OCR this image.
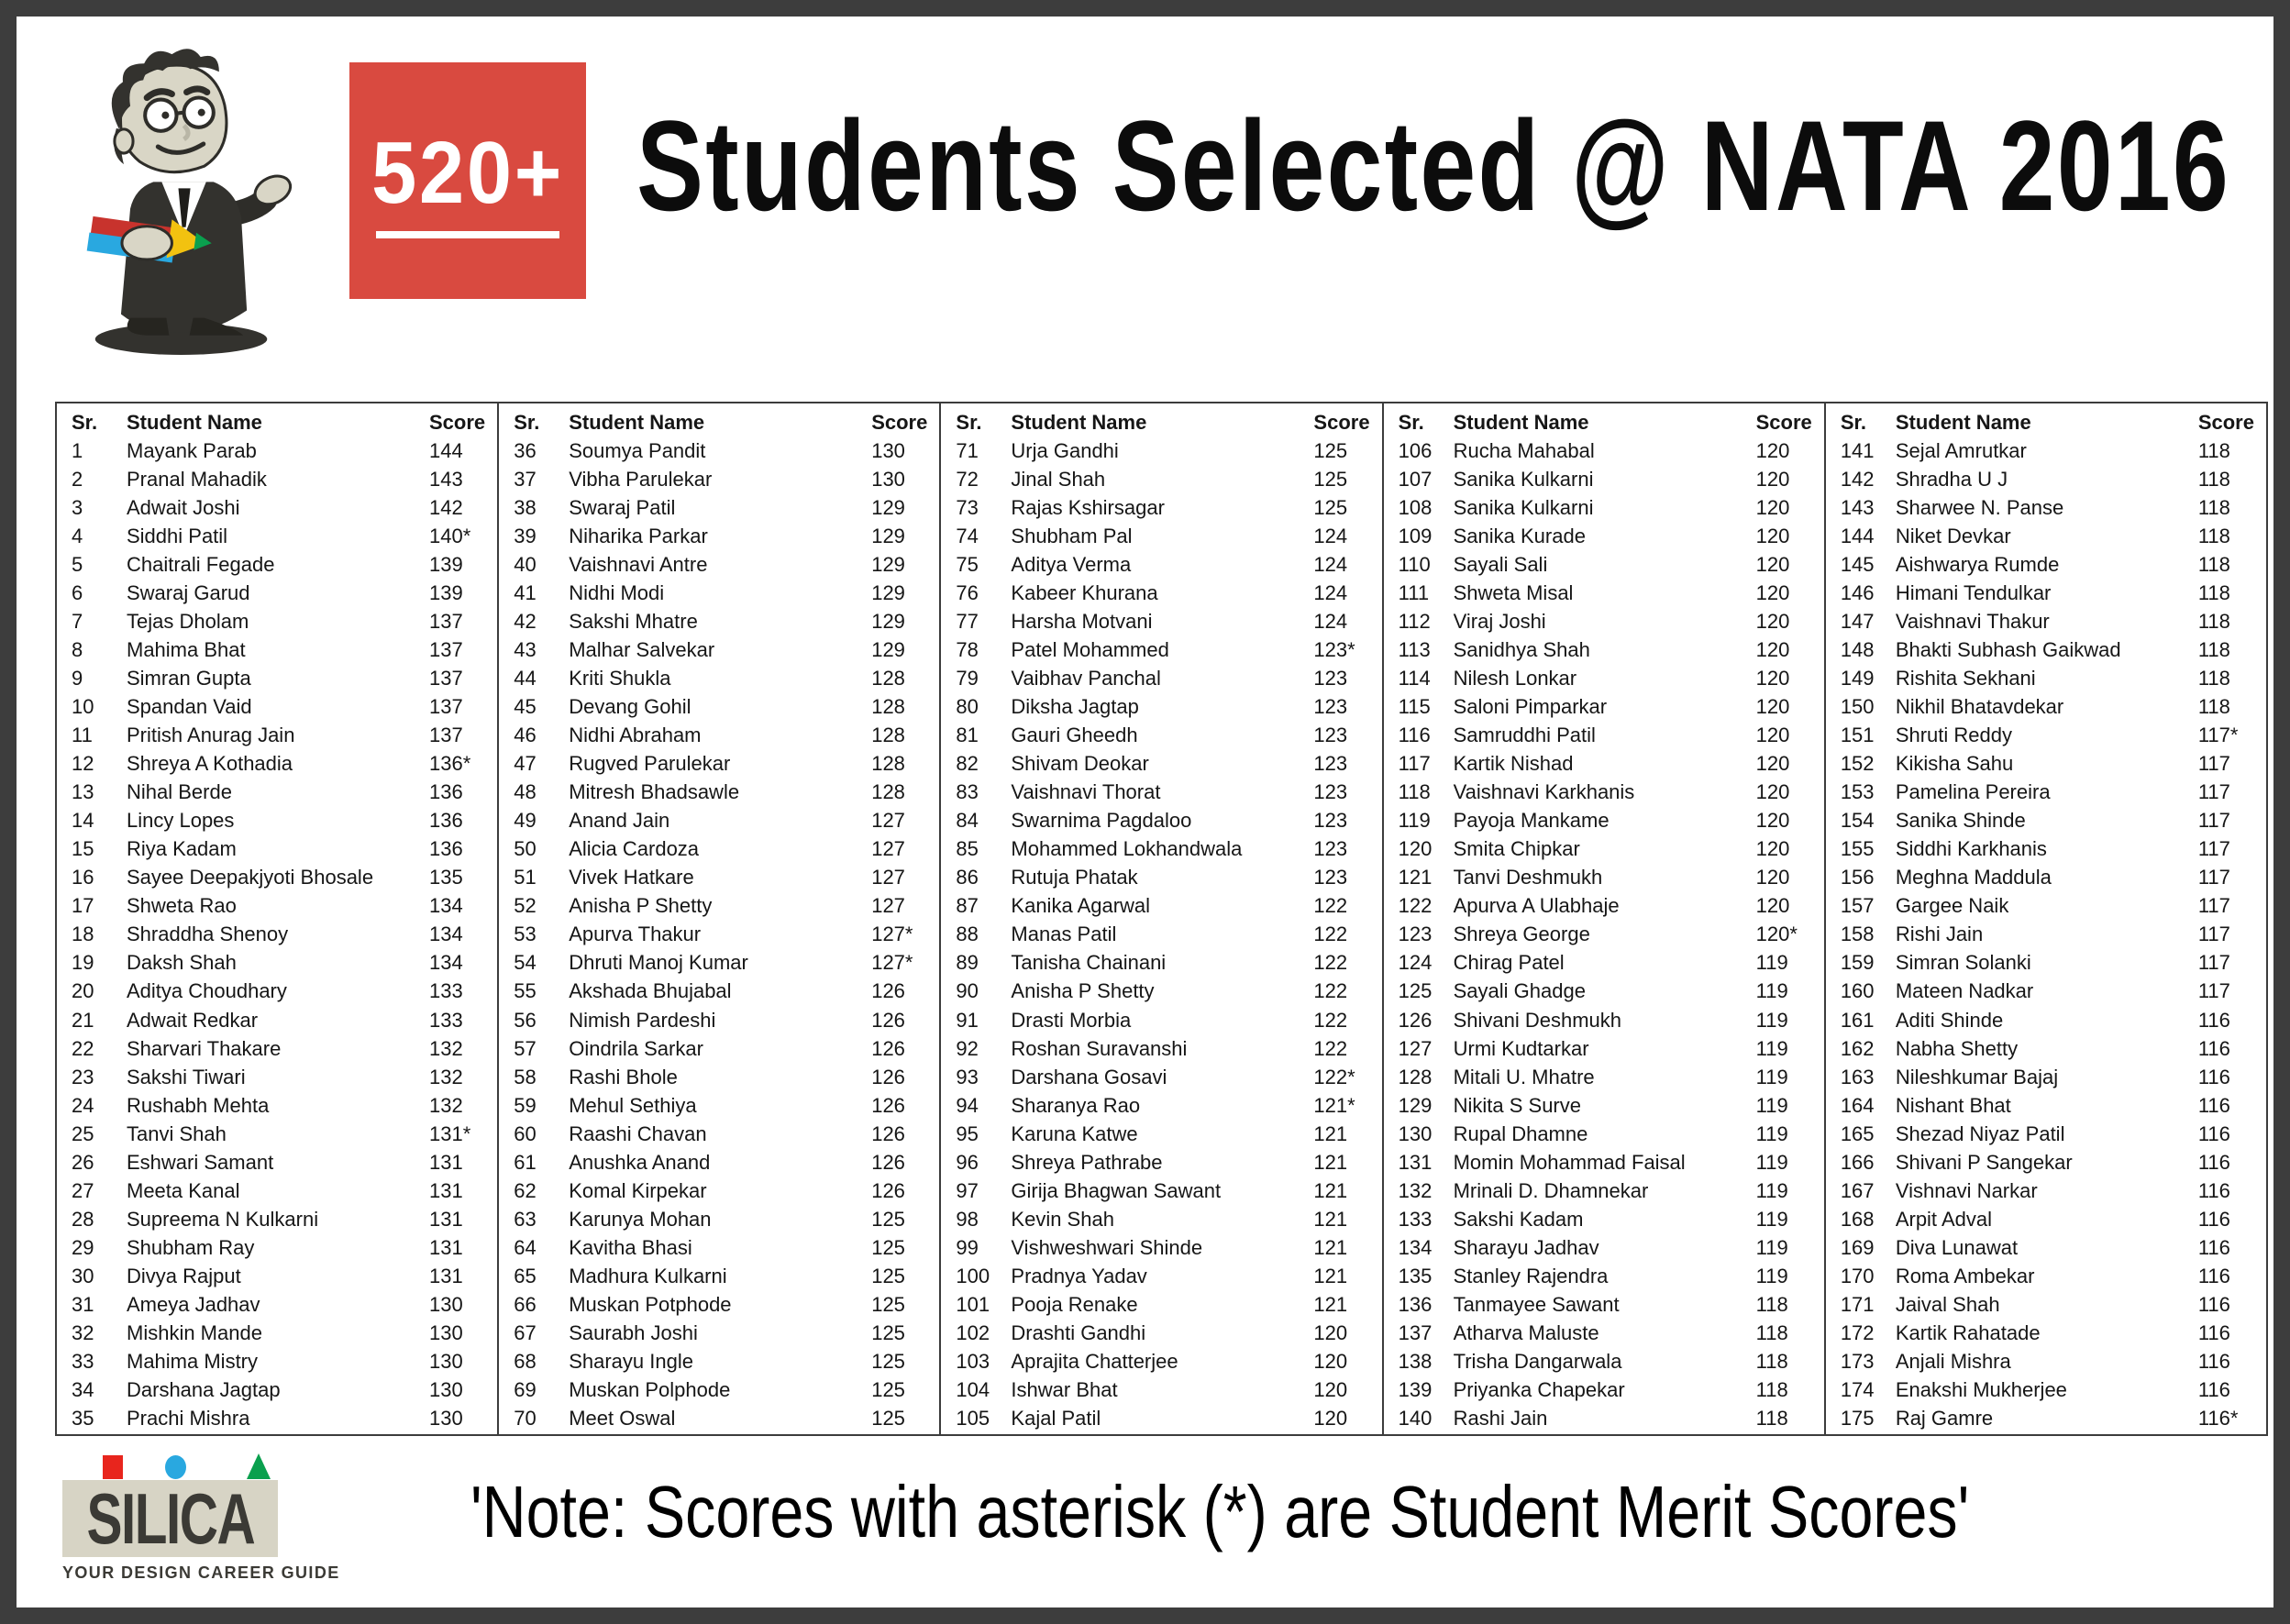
520+ Students Selected @ NATA 2016
Sr.	Student Name	Score
1	Mayank Parab	144
2	Pranal Mahadik	143
3	Adwait Joshi	142
4	Siddhi Patil	140*
5	Chaitrali Fegade	139
6	Swaraj Garud	139
7	Tejas Dholam	137
8	Mahima Bhat	137
9	Simran Gupta	137
10	Spandan Vaid	137
11	Pritish Anurag Jain	137
12	Shreya A Kothadia	136*
13	Nihal Berde	136
14	Lincy Lopes	136
15	Riya Kadam	136
16	Sayee Deepakjyoti Bhosale	135
17	Shweta Rao	134
18	Shraddha Shenoy	134
19	Daksh Shah	134
20	Aditya Choudhary	133
21	Adwait Redkar	133
22	Sharvari Thakare	132
23	Sakshi Tiwari	132
24	Rushabh Mehta	132
25	Tanvi Shah	131*
26	Eshwari Samant	131
27	Meeta Kanal	131
28	Supreema N Kulkarni	131
29	Shubham Ray	131
30	Divya Rajput	131
31	Ameya Jadhav	130
32	Mishkin Mande	130
33	Mahima Mistry	130
34	Darshana Jagtap	130
35	Prachi Mishra	130
Sr.	Student Name	Score
36	Soumya Pandit	130
37	Vibha Parulekar	130
38	Swaraj Patil	129
39	Niharika Parkar	129
40	Vaishnavi Antre	129
41	Nidhi Modi	129
42	Sakshi Mhatre	129
43	Malhar Salvekar	129
44	Kriti Shukla	128
45	Devang Gohil	128
46	Nidhi Abraham	128
47	Rugved Parulekar	128
48	Mitresh Bhadsawle	128
49	Anand Jain	127
50	Alicia Cardoza	127
51	Vivek Hatkare	127
52	Anisha P Shetty	127
53	Apurva Thakur	127*
54	Dhruti Manoj Kumar	127*
55	Akshada Bhujabal	126
56	Nimish Pardeshi	126
57	Oindrila Sarkar	126
58	Rashi Bhole	126
59	Mehul Sethiya	126
60	Raashi Chavan	126
61	Anushka Anand	126
62	Komal Kirpekar	126
63	Karunya Mohan	125
64	Kavitha Bhasi	125
65	Madhura Kulkarni	125
66	Muskan Potphode	125
67	Saurabh Joshi	125
68	Sharayu Ingle	125
69	Muskan Polphode	125
70	Meet Oswal	125
Sr.	Student Name	Score
71	Urja Gandhi	125
72	Jinal Shah	125
73	Rajas Kshirsagar	125
74	Shubham Pal	124
75	Aditya Verma	124
76	Kabeer Khurana	124
77	Harsha Motvani	124
78	Patel Mohammed	123*
79	Vaibhav Panchal	123
80	Diksha Jagtap	123
81	Gauri Gheedh	123
82	Shivam Deokar	123
83	Vaishnavi Thorat	123
84	Swarnima Pagdaloo	123
85	Mohammed Lokhandwala	123
86	Rutuja Phatak	123
87	Kanika Agarwal	122
88	Manas Patil	122
89	Tanisha Chainani	122
90	Anisha P Shetty	122
91	Drasti Morbia	122
92	Roshan Suravanshi	122
93	Darshana Gosavi	122*
94	Sharanya Rao	121*
95	Karuna Katwe	121
96	Shreya Pathrabe	121
97	Girija Bhagwan Sawant	121
98	Kevin Shah	121
99	Vishweshwari Shinde	121
100	Pradnya Yadav	121
101	Pooja Renake	121
102	Drashti Gandhi	120
103	Aprajita Chatterjee	120
104	Ishwar Bhat	120
105	Kajal Patil	120
Sr.	Student Name	Score
106	Rucha Mahabal	120
107	Sanika Kulkarni	120
108	Sanika Kulkarni	120
109	Sanika Kurade	120
110	Sayali Sali	120
111	Shweta Misal	120
112	Viraj Joshi	120
113	Sanidhya Shah	120
114	Nilesh Lonkar	120
115	Saloni Pimparkar	120
116	Samruddhi Patil	120
117	Kartik Nishad	120
118	Vaishnavi Karkhanis	120
119	Payoja Mankame	120
120	Smita Chipkar	120
121	Tanvi Deshmukh	120
122	Apurva A Ulabhaje	120
123	Shreya George	120*
124	Chirag Patel	119
125	Sayali Ghadge	119
126	Shivani Deshmukh	119
127	Urmi Kudtarkar	119
128	Mitali U. Mhatre	119
129	Nikita S Surve	119
130	Rupal Dhamne	119
131	Momin Mohammad Faisal	119
132	Mrinali D. Dhamnekar	119
133	Sakshi Kadam	119
134	Sharayu Jadhav	119
135	Stanley Rajendra	119
136	Tanmayee Sawant	118
137	Atharva Maluste	118
138	Trisha Dangarwala	118
139	Priyanka Chapekar	118
140	Rashi Jain	118
Sr.	Student Name	Score
141	Sejal Amrutkar	118
142	Shradha U J	118
143	Sharwee N. Panse	118
144	Niket Devkar	118
145	Aishwarya Rumde	118
146	Himani Tendulkar	118
147	Vaishnavi Thakur	118
148	Bhakti Subhash Gaikwad	118
149	Rishita Sekhani	118
150	Nikhil Bhatavdekar	118
151	Shruti Reddy	117*
152	Kikisha Sahu	117
153	Pamelina Pereira	117
154	Sanika Shinde	117
155	Siddhi Karkhanis	117
156	Meghna Maddula	117
157	Gargee Naik	117
158	Rishi Jain	117
159	Simran Solanki	117
160	Mateen Nadkar	117
161	Aditi Shinde	116
162	Nabha Shetty	116
163	Nileshkumar Bajaj	116
164	Nishant Bhat	116
165	Shezad Niyaz Patil	116
166	Shivani P Sangekar	116
167	Vishnavi Narkar	116
168	Arpit Adval	116
169	Diva Lunawat	116
170	Roma Ambekar	116
171	Jaival Shah	116
172	Kartik Rahatade	116
173	Anjali Mishra	116
174	Enakshi Mukherjee	116
175	Raj Gamre	116*
SILICA
YOUR DESIGN CAREER GUIDE
'Note: Scores with asterisk (*) are Student Merit Scores'
